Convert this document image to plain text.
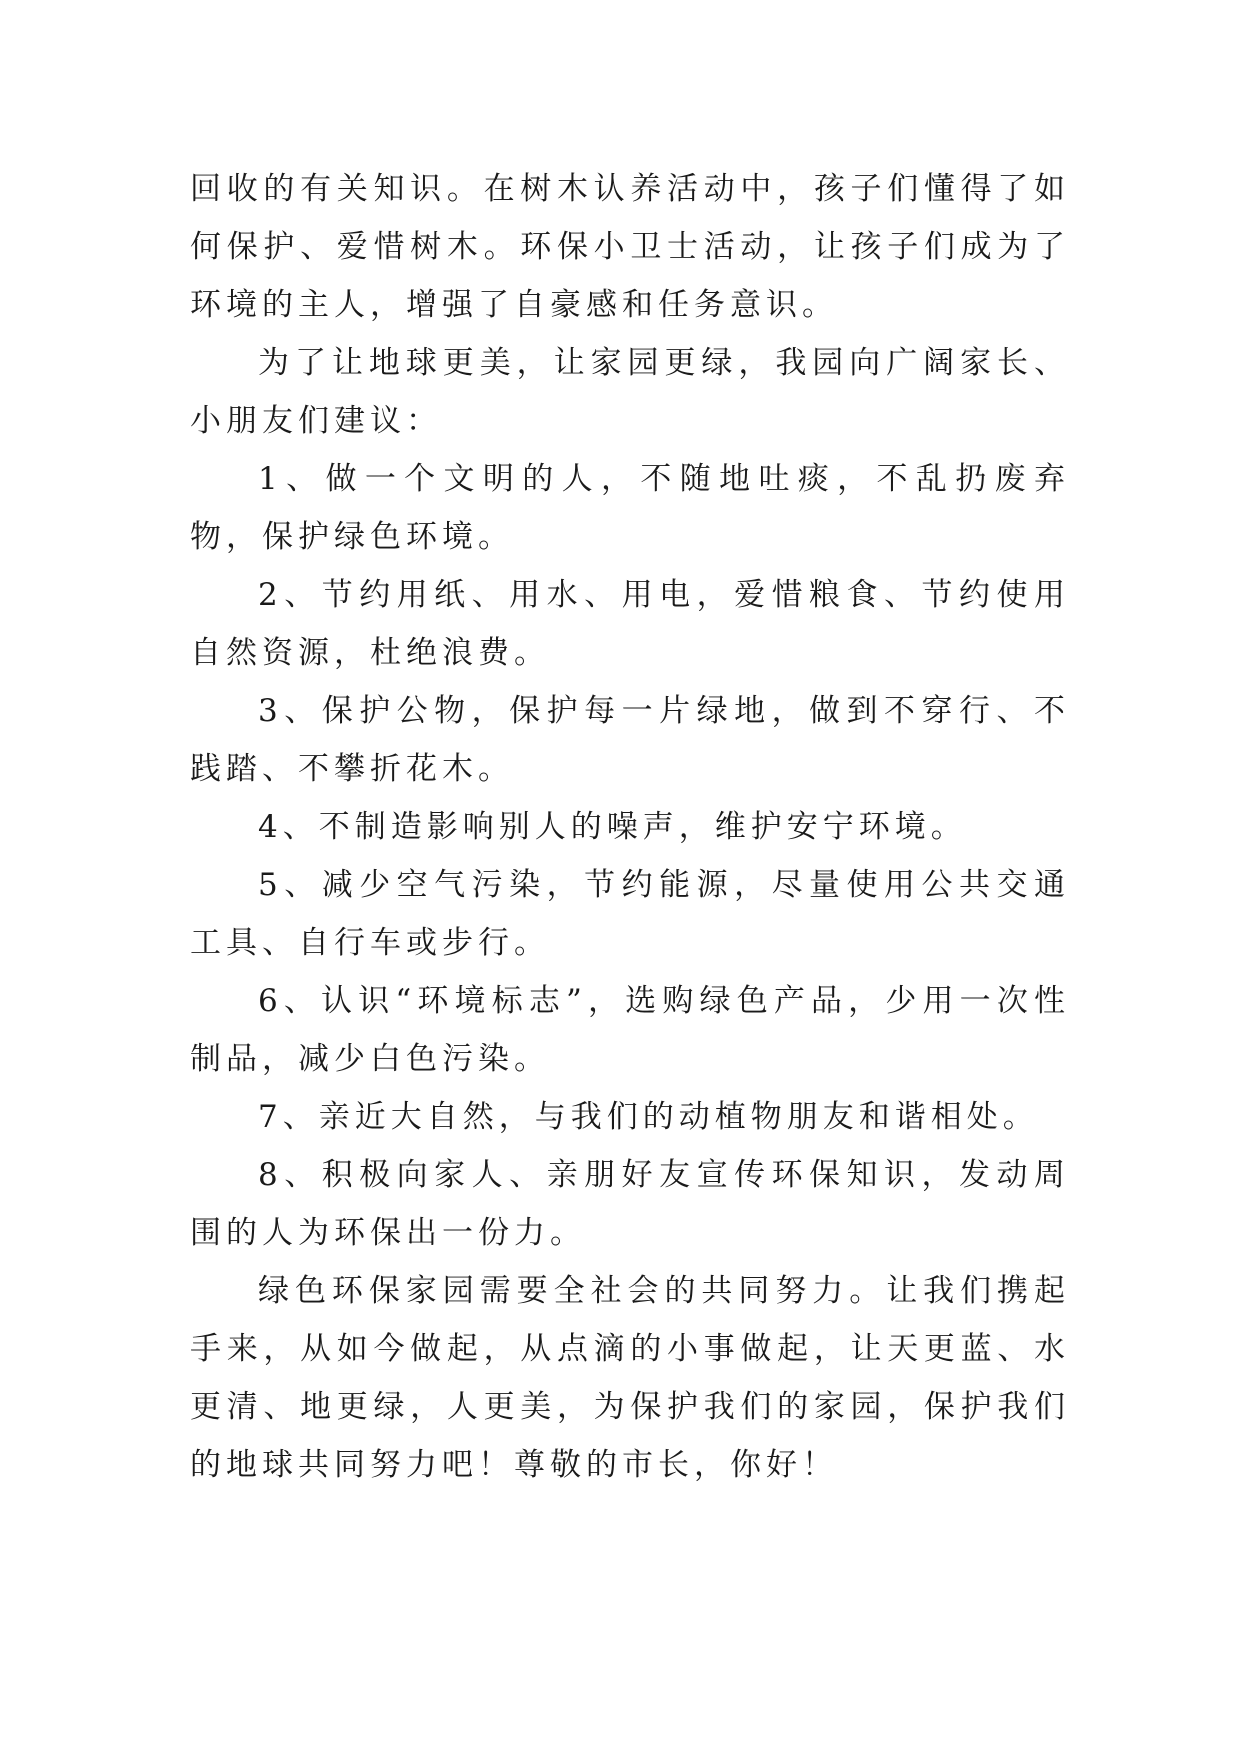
回收的有关知识。在树木认养活动中，孩子们懂得了如何保护、爱惜树木。环保小卫士活动，让孩子们成为了环境的主人，增强了自豪感和任务意识。

为了让地球更美，让家园更绿，我园向广阔家长、小朋友们建议：

1、做一个文明的人，不随地吐痰，不乱扔废弃物，保护绿色环境。

2、节约用纸、用水、用电，爱惜粮食、节约使用自然资源，杜绝浪费。

3、保护公物，保护每一片绿地，做到不穿行、不践踏、不攀折花木。

4、不制造影响别人的噪声，维护安宁环境。

5、减少空气污染，节约能源，尽量使用公共交通工具、自行车或步行。

6、认识“环境标志”，选购绿色产品，少用一次性制品，减少白色污染。

7、亲近大自然，与我们的动植物朋友和谐相处。

8、积极向家人、亲朋好友宣传环保知识，发动周围的人为环保出一份力。

绿色环保家园需要全社会的共同努力。让我们携起手来，从如今做起，从点滴的小事做起，让天更蓝、水更清、地更绿，人更美，为保护我们的家园，保护我们的地球共同努力吧！尊敬的市长，你好！
